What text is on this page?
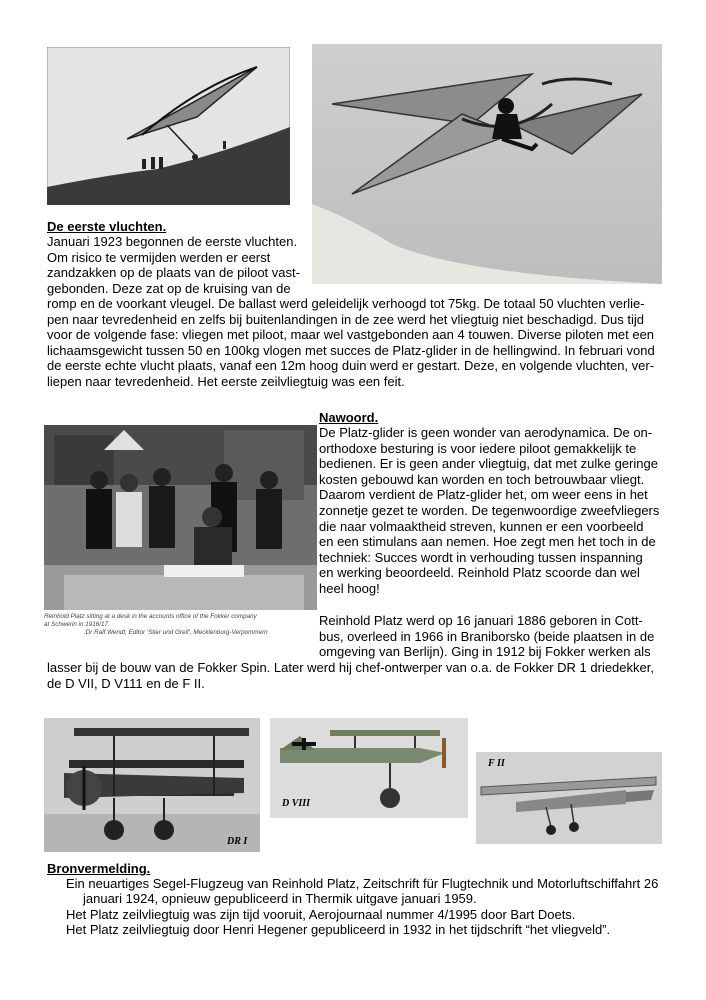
De eerste vluchten.
Januari 1923 begonnen de eerste vluchten.
Om risico te vermijden werden er eerst
zandzakken op de plaats van de piloot vast-
gebonden. Deze zat op de kruising van de
romp en de voorkant vleugel. De ballast werd geleidelijk verhoogd tot 75kg. De totaal 50 vluchten verlie-
pen naar tevredenheid en zelfs bij buitenlandingen in de zee werd het vliegtuig niet beschadigd. Dus tijd
voor de volgende fase: vliegen met piloot, maar wel vastgebonden aan 4 touwen. Diverse piloten met een
lichaamsgewicht tussen 50 en 100kg vlogen met succes de Platz-glider in de hellingwind. In februari vond
de eerste echte vlucht plaats, vanaf een 12m hoog duin werd er gestart. Deze, en volgende vluchten, ver-
liepen naar tevredenheid. Het eerste zeilvliegtuig was een feit.
Reinhold Platz sitting at a desk in the accounts office of the Fokker company
at Schwerin in 1916/17.
:Dr Ralf Wendt, Editor 'Stier und Greif', Mecklenburg-Verpommern
Nawoord.
De Platz-glider is geen wonder van aerodynamica. De on-
orthodoxe besturing is voor iedere piloot gemakkelijk te
bedienen. Er is geen ander vliegtuig, dat met zulke geringe
kosten gebouwd kan worden en toch betrouwbaar vliegt.
Daarom verdient de Platz-glider het, om weer eens in het
zonnetje gezet te worden. De tegenwoordige zweefvliegers
die naar volmaaktheid streven, kunnen er een voorbeeld
en een stimulans aan nemen. Hoe zegt men het toch in de
techniek: Succes wordt in verhouding tussen inspanning
en werking beoordeeld. Reinhold Platz scoorde dan wel
heel hoog!
Reinhold Platz werd op 16 januari 1886 geboren in Cott-
bus, overleed in 1966 in Braniborsko (beide plaatsen in de
omgeving van Berlijn). Ging in 1912 bij Fokker werken als
lasser bij de bouw van de Fokker Spin. Later werd hij chef-ontwerper van o.a. de Fokker DR 1 driedekker,
de D VII, D V111 en de F II.
DR I
D VIII
F II
Bronvermelding.
Ein neuartiges Segel-Flugzeug van Reinhold Platz, Zeitschrift für Flugtechnik und Motorluftschiffahrt 26
januari 1924, opnieuw gepubliceerd in Thermik uitgave januari 1959.
Het Platz zeilvliegtuig was zijn tijd vooruit, Aerojournaal nummer 4/1995 door Bart Doets.
Het Platz zeilvliegtuig door Henri Hegener gepubliceerd in 1932 in het tijdschrift “het vliegveld”.
